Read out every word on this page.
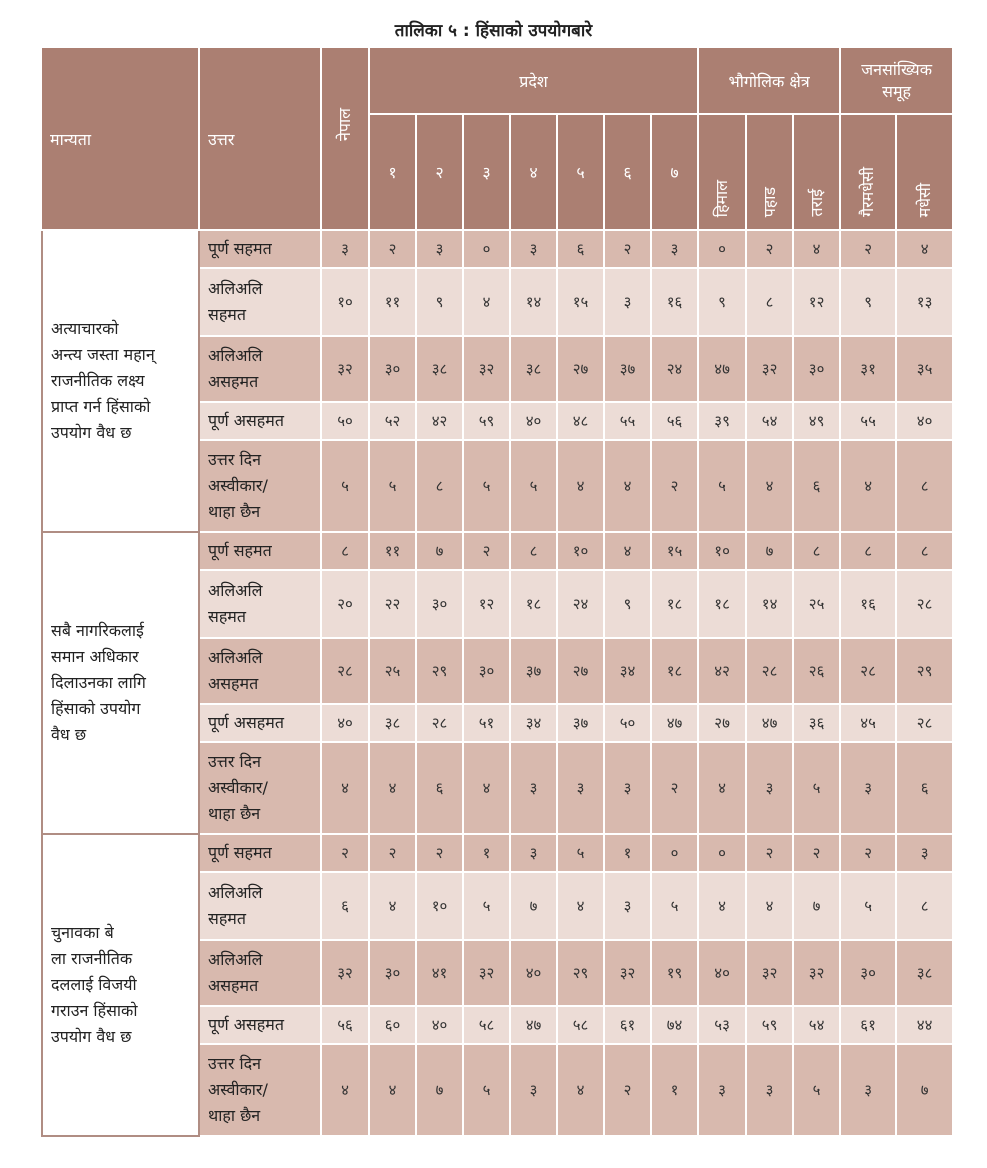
तालिका ५ : हिंसाको उपयोगबारे
मान्यता	उत्तर	नेपाल	प्रदेश							भौगोलिक क्षेत्र			जनसांख्यिक
समूह	
			१	२	३	४	५	६	७	हिमाल	पहाड	तराई	गैरमधेसी	मधेसी
अत्याचारको
अन्त्य जस्ता महान्
राजनीतिक लक्ष्य
प्राप्त गर्न हिंसाको
उपयोग वैध छ	पूर्ण सहमत	३	२	३	०	३	६	२	३	०	२	४	२	४
	अलिअलि
सहमत	१०	११	९	४	१४	१५	३	१६	९	८	१२	९	१३
	अलिअलि
असहमत	३२	३०	३८	३२	३८	२७	३७	२४	४७	३२	३०	३१	३५
	पूर्ण असहमत	५०	५२	४२	५९	४०	४८	५५	५६	३९	५४	४९	५५	४०
	उत्तर दिन
अस्वीकार/
थाहा छैन	५	५	८	५	५	४	४	२	५	४	६	४	८
सबै नागरिकलाई
समान अधिकार
दिलाउनका लागि
हिंसाको उपयोग
वैध छ	पूर्ण सहमत	८	११	७	२	८	१०	४	१५	१०	७	८	८	८
	अलिअलि
सहमत	२०	२२	३०	१२	१८	२४	९	१८	१८	१४	२५	१६	२८
	अलिअलि
असहमत	२८	२५	२९	३०	३७	२७	३४	१८	४२	२८	२६	२८	२९
	पूर्ण असहमत	४०	३८	२८	५१	३४	३७	५०	४७	२७	४७	३६	४५	२८
	उत्तर दिन
अस्वीकार/
थाहा छैन	४	४	६	४	३	३	३	२	४	३	५	३	६
चुनावका बे
ला राजनीतिक
दललाई विजयी
गराउन हिंसाको
उपयोग वैध छ	पूर्ण सहमत	२	२	२	१	३	५	१	०	०	२	२	२	३
	अलिअलि
सहमत	६	४	१०	५	७	४	३	५	४	४	७	५	८
	अलिअलि
असहमत	३२	३०	४१	३२	४०	२९	३२	१९	४०	३२	३२	३०	३८
	पूर्ण असहमत	५६	६०	४०	५८	४७	५८	६१	७४	५३	५९	५४	६१	४४
	उत्तर दिन
अस्वीकार/
थाहा छैन	४	४	७	५	३	४	२	१	३	३	५	३	७
